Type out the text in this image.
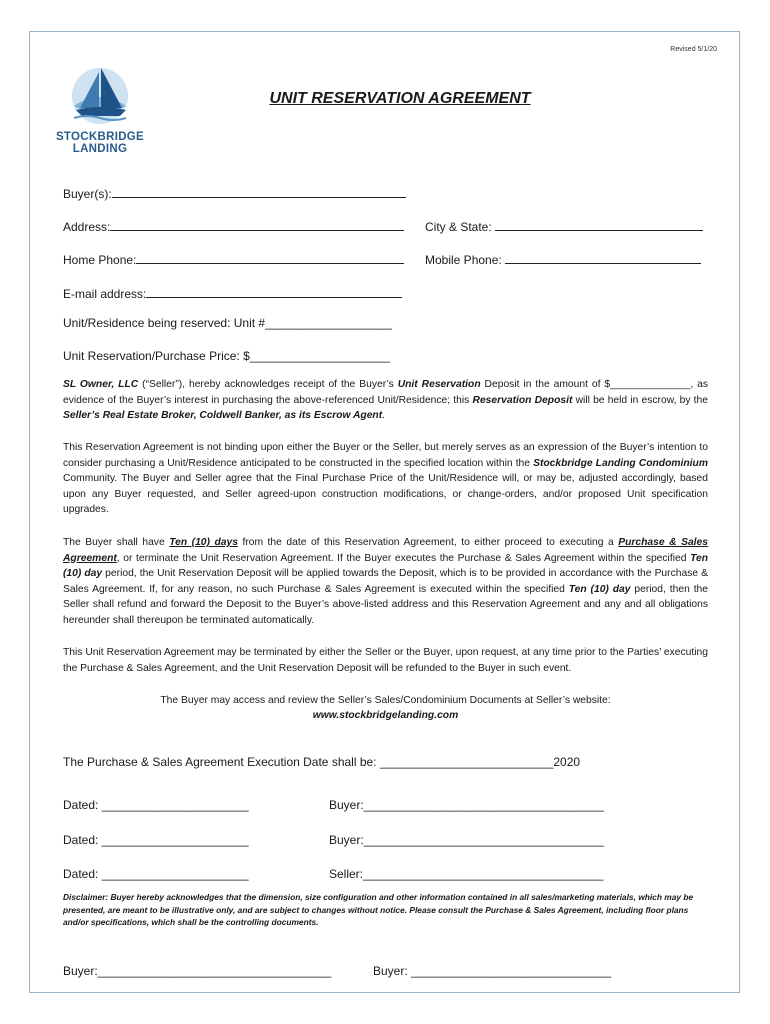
Revised 5/1/20
STOCKBRIDGE
LANDING
UNIT RESERVATION AGREEMENT
Buyer(s):
Address:	City & State:
Home Phone:	Mobile Phone:
E-mail address:
Unit/Residence being reserved: Unit #___________________
Unit Reservation/Purchase Price: $_____________________
SL Owner, LLC (“Seller”), hereby acknowledges receipt of the Buyer’s Unit Reservation Deposit in the amount of $______________, as evidence of the Buyer’s interest in purchasing the above-referenced Unit/Residence; this Reservation Deposit will be held in escrow, by the Seller’s Real Estate Broker, Coldwell Banker, as its Escrow Agent.
This Reservation Agreement is not binding upon either the Buyer or the Seller, but merely serves as an expression of the Buyer’s intention to consider purchasing a Unit/Residence anticipated to be constructed in the specified location within the Stockbridge Landing Condominium Community. The Buyer and Seller agree that the Final Purchase Price of the Unit/Residence will, or may be, adjusted accordingly, based upon any Buyer requested, and Seller agreed-upon construction modifications, or change-orders, and/or proposed Unit specification upgrades.
The Buyer shall have Ten (10) days from the date of this Reservation Agreement, to either proceed to executing a Purchase & Sales Agreement, or terminate the Unit Reservation Agreement. If the Buyer executes the Purchase & Sales Agreement within the specified Ten (10) day period, the Unit Reservation Deposit will be applied towards the Deposit, which is to be provided in accordance with the Purchase & Sales Agreement. If, for any reason, no such Purchase & Sales Agreement is executed within the specified Ten (10) day period, then the Seller shall refund and forward the Deposit to the Buyer’s above-listed address and this Reservation Agreement and any and all obligations hereunder shall thereupon be terminated automatically.
This Unit Reservation Agreement may be terminated by either the Seller or the Buyer, upon request, at any time prior to the Parties’ executing the Purchase & Sales Agreement, and the Unit Reservation Deposit will be refunded to the Buyer in such event.
The Buyer may access and review the Seller’s Sales/Condominium Documents at Seller’s website:
www.stockbridgelanding.com
The Purchase & Sales Agreement Execution Date shall be: __________________________2020
Dated: ______________________	Buyer:____________________________________
Dated: ______________________	Buyer:____________________________________
Dated: ______________________	Seller:____________________________________
Disclaimer: Buyer hereby acknowledges that the dimension, size configuration and other information contained in all sales/marketing materials, which may be presented, are meant to be illustrative only, and are subject to changes without notice. Please consult the Purchase & Sales Agreement, including floor plans and/or specifications, which shall be the controlling documents.
Buyer:___________________________________	Buyer: ______________________________
